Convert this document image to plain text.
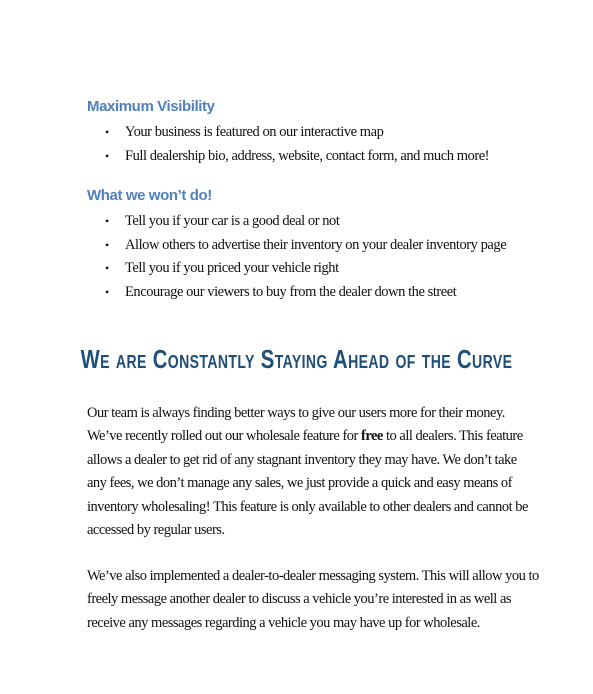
Maximum Visibility
• Your business is featured on our interactive map
• Full dealership bio, address, website, contact form, and much more!
What we won’t do!
• Tell you if your car is a good deal or not
• Allow others to advertise their inventory on your dealer inventory page
• Tell you if you priced your vehicle right
• Encourage our viewers to buy from the dealer down the street
We are Constantly Staying Ahead of the Curve

Our team is always finding better ways to give our users more for their money.
We’ve recently rolled out our wholesale feature for free to all dealers. This feature
allows a dealer to get rid of any stagnant inventory they may have. We don’t take
any fees, we don’t manage any sales, we just provide a quick and easy means of
inventory wholesaling! This feature is only available to other dealers and cannot be
accessed by regular users.

We’ve also implemented a dealer-to-dealer messaging system. This will allow you to
freely message another dealer to discuss a vehicle you’re interested in as well as
receive any messages regarding a vehicle you may have up for wholesale.
